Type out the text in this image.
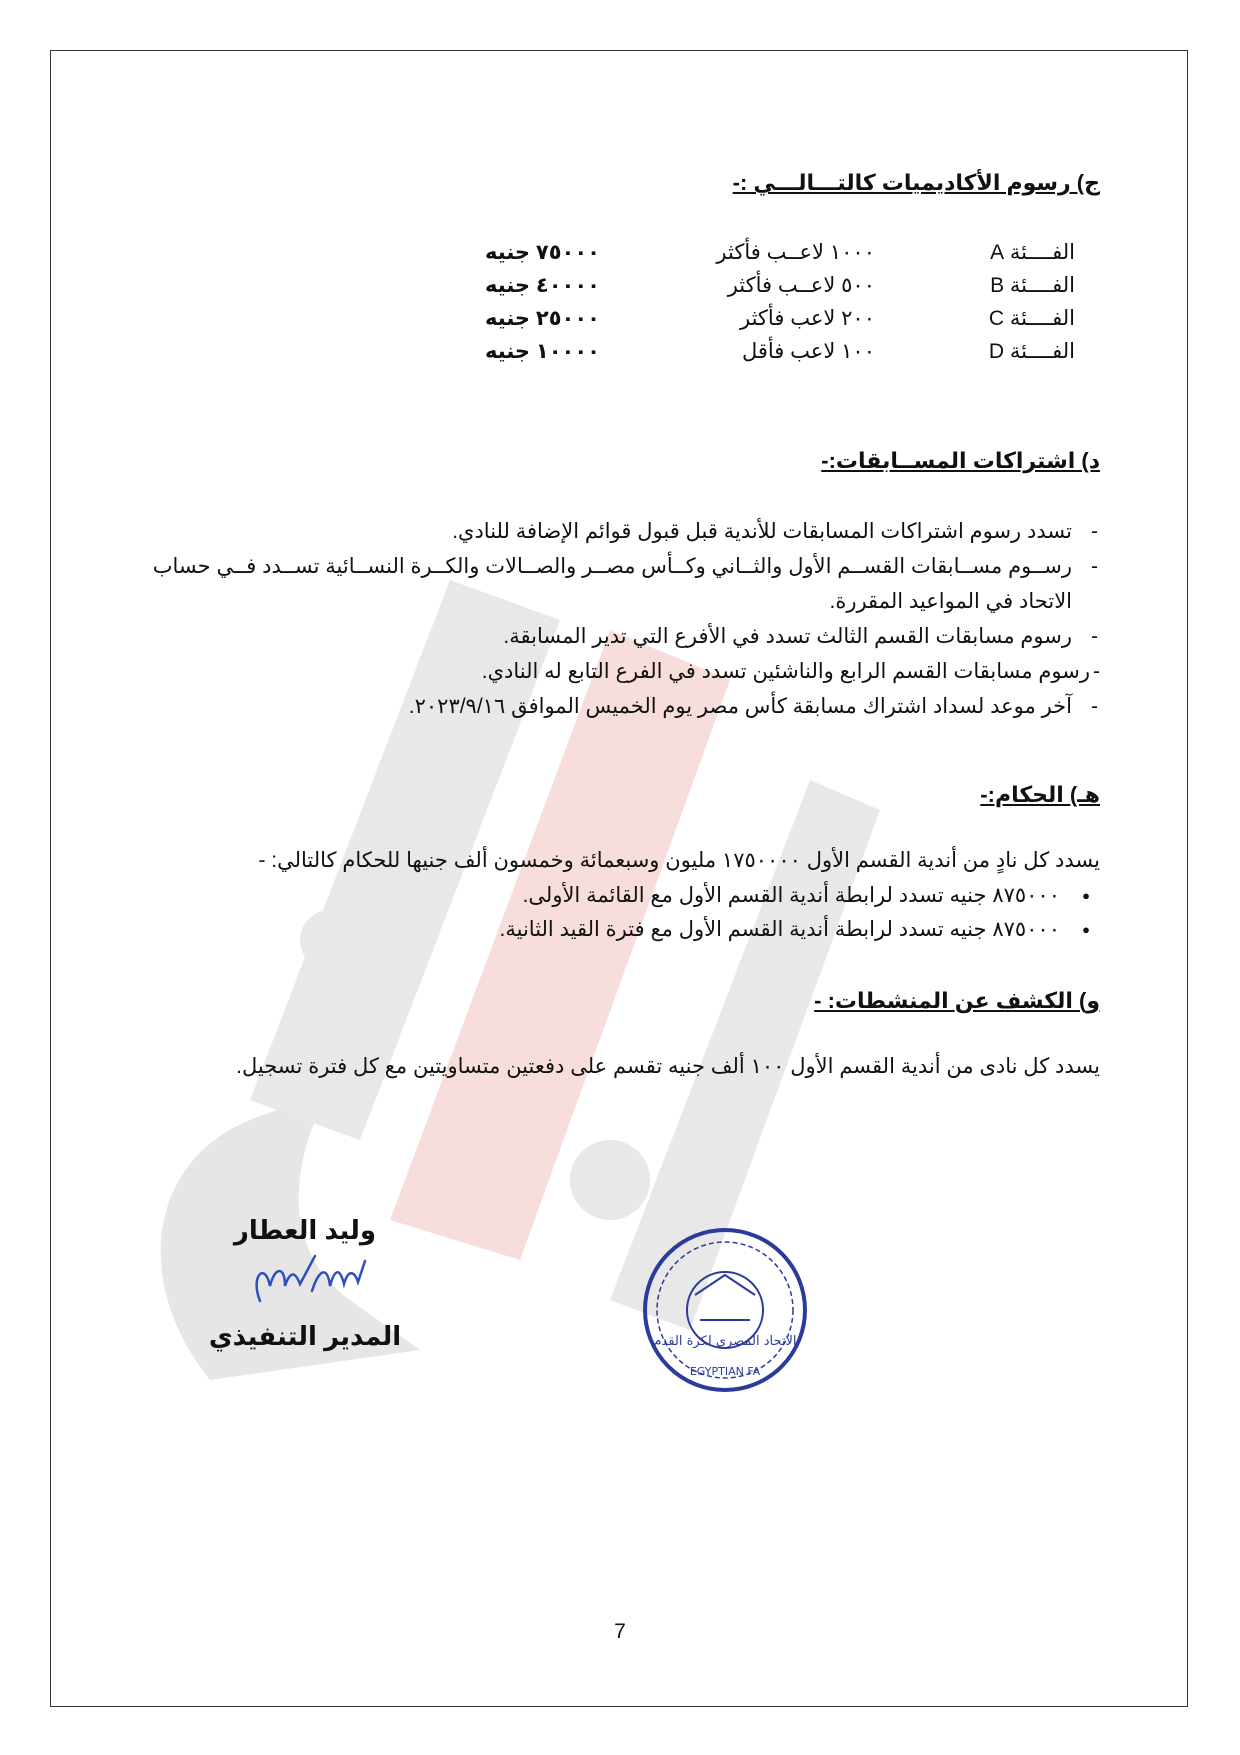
ج) رسوم الأكاديميات كالتـــالـــي :-
الفــــئة A
١٠٠٠ لاعــب فأكثر
٧٥٠٠٠ جنيه
الفــــئة B
٥٠٠ لاعــب فأكثر
٤٠٠٠٠ جنيه
الفــــئة C
٢٠٠ لاعب فأكثر
٢٥٠٠٠ جنيه
الفــــئة D
١٠٠ لاعب فأقل
١٠٠٠٠ جنيه
د) اشتراكات المســابقات:-
- تسدد رسوم اشتراكات المسابقات للأندية قبل قبول قوائم الإضافة للنادي.
- رســوم مســابقات القســم الأول والثــاني وكــأس مصــر والصــالات والكــرة النســائية تســدد فــي حساب الاتحاد في المواعيد المقررة.
- رسوم مسابقات القسم الثالث تسدد في الأفرع التي تدير المسابقة.
- رسوم مسابقات القسم الرابع والناشئين تسدد في الفرع التابع له النادي.
- آخر موعد لسداد اشتراك مسابقة كأس مصر يوم الخميس الموافق ٢٠٢٣/٩/١٦.
هـ) الحكام:-

يسدد كل نادٍ من أندية القسم الأول ١٧٥٠٠٠٠ مليون وسبعمائة وخمسون ألف جنيها للحكام كالتالي: -

● ٨٧٥٠٠٠ جنيه تسدد لرابطة أندية القسم الأول مع القائمة الأولى.
● ٨٧٥٠٠٠ جنيه تسدد لرابطة أندية القسم الأول مع فترة القيد الثانية.
و) الكشف عن المنشطات: -

يسدد كل نادى من أندية القسم الأول ١٠٠ ألف جنيه تقسم على دفعتين متساويتين مع كل فترة تسجيل.

وليد العطار
المدير التنفيذي	الاتحاد المصري لكرة القدم
EGYPTIAN FA
7
